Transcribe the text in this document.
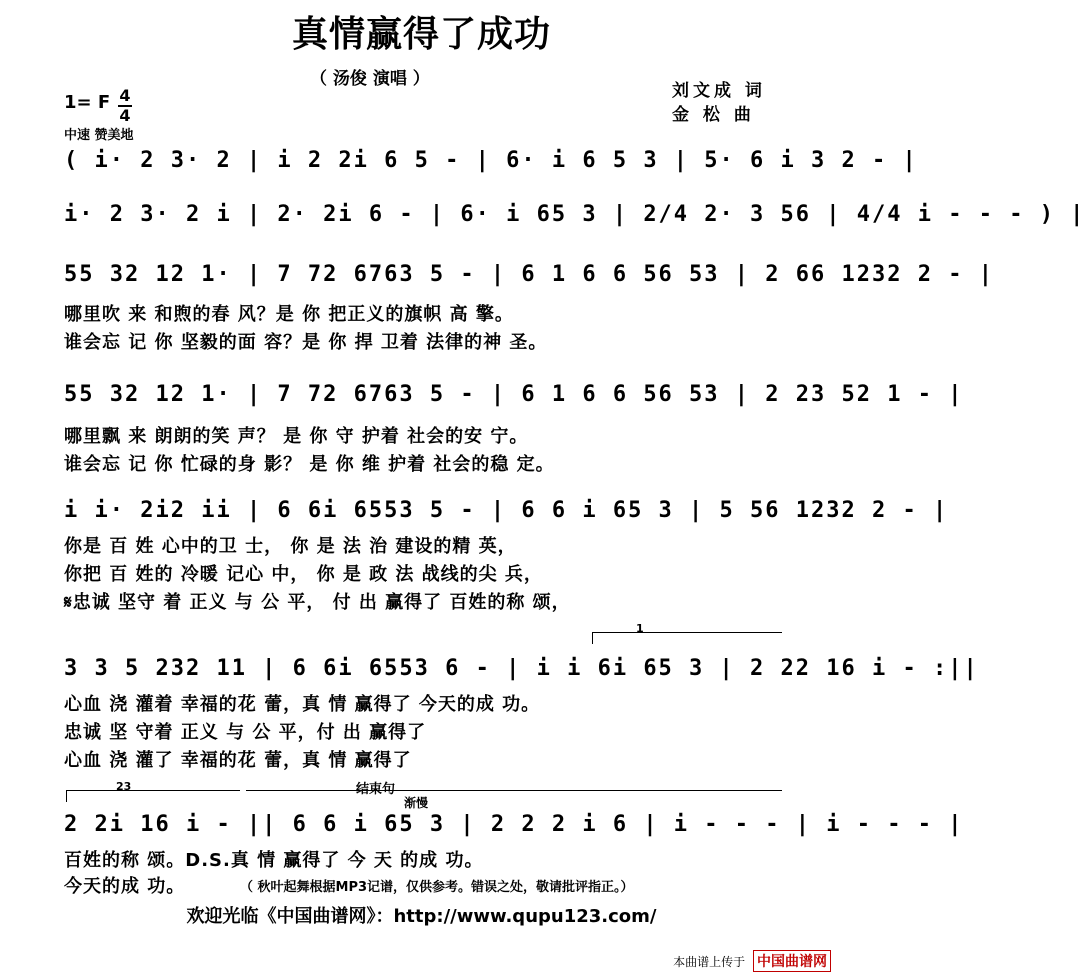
真情赢得了成功
（ 汤俊 演唱 ）
刘文成 词
金 松 曲
1= F 4
4
中速 赞美地
( i· 2 3· 2 | i 2 2i 6 5 - | 6· i 6 5 3 | 5· 6 i 3 2 - |
i· 2 3· 2 i | 2· 2i 6 - | 6· i 65 3 | 2/4 2· 3 56 | 4/4 i - - - ) |
55 32 12 1· | 7 72 6763 5 - | 6 1 6 6 56 53 | 2 66 1232 2 - |
哪里吹 来 和煦的春 风？是 你 把正义的旗帜 高 擎。
谁会忘 记 你 坚毅的面 容？是 你 捍 卫着 法律的神 圣。
55 32 12 1· | 7 72 6763 5 - | 6 1 6 6 56 53 | 2 23 52 1 - |
哪里飘 来 朗朗的笑 声？ 是 你 守 护着 社会的安 宁。
谁会忘 记 你 忙碌的身 影？ 是 你 维 护着 社会的稳 定。
i i· 2i2 ii | 6 6i 6553 5 - | 6 6 i 65 3 | 5 56 1232 2 - |
你是 百 姓 心中的卫 士， 你 是 法 治 建设的精 英，
你把 百 姓的 冷暖 记心 中， 你 是 政 法 战线的尖 兵，
𝄋忠诚 坚守 着 正义 与 公 平， 付 出 赢得了 百姓的称 颂，
1
3 3 5 232 11 | 6 6i 6553 6 - | i i 6i 65 3 | 2 22 16 i - :||
心血 浇 灌着 幸福的花 蕾，真 情 赢得了 今天的成 功。
忠诚 坚 守着 正义 与 公 平，付 出 赢得了
心血 浇 灌了 幸福的花 蕾，真 情 赢得了
23	结束句
渐慢
2 2i 16 i - || 6 6 i 65 3 | 2 2 2 i 6 | i - - - | i - - - |
百姓的称 颂。D.S.真 情 赢得了 今 天 的成 功。
今天的成 功。	（ 秋叶起舞根据MP3记谱，仅供参考。错误之处，敬请批评指正。）
欢迎光临《中国曲谱网》：http://www.qupu123.com/
本曲谱上传于 中国曲谱网
